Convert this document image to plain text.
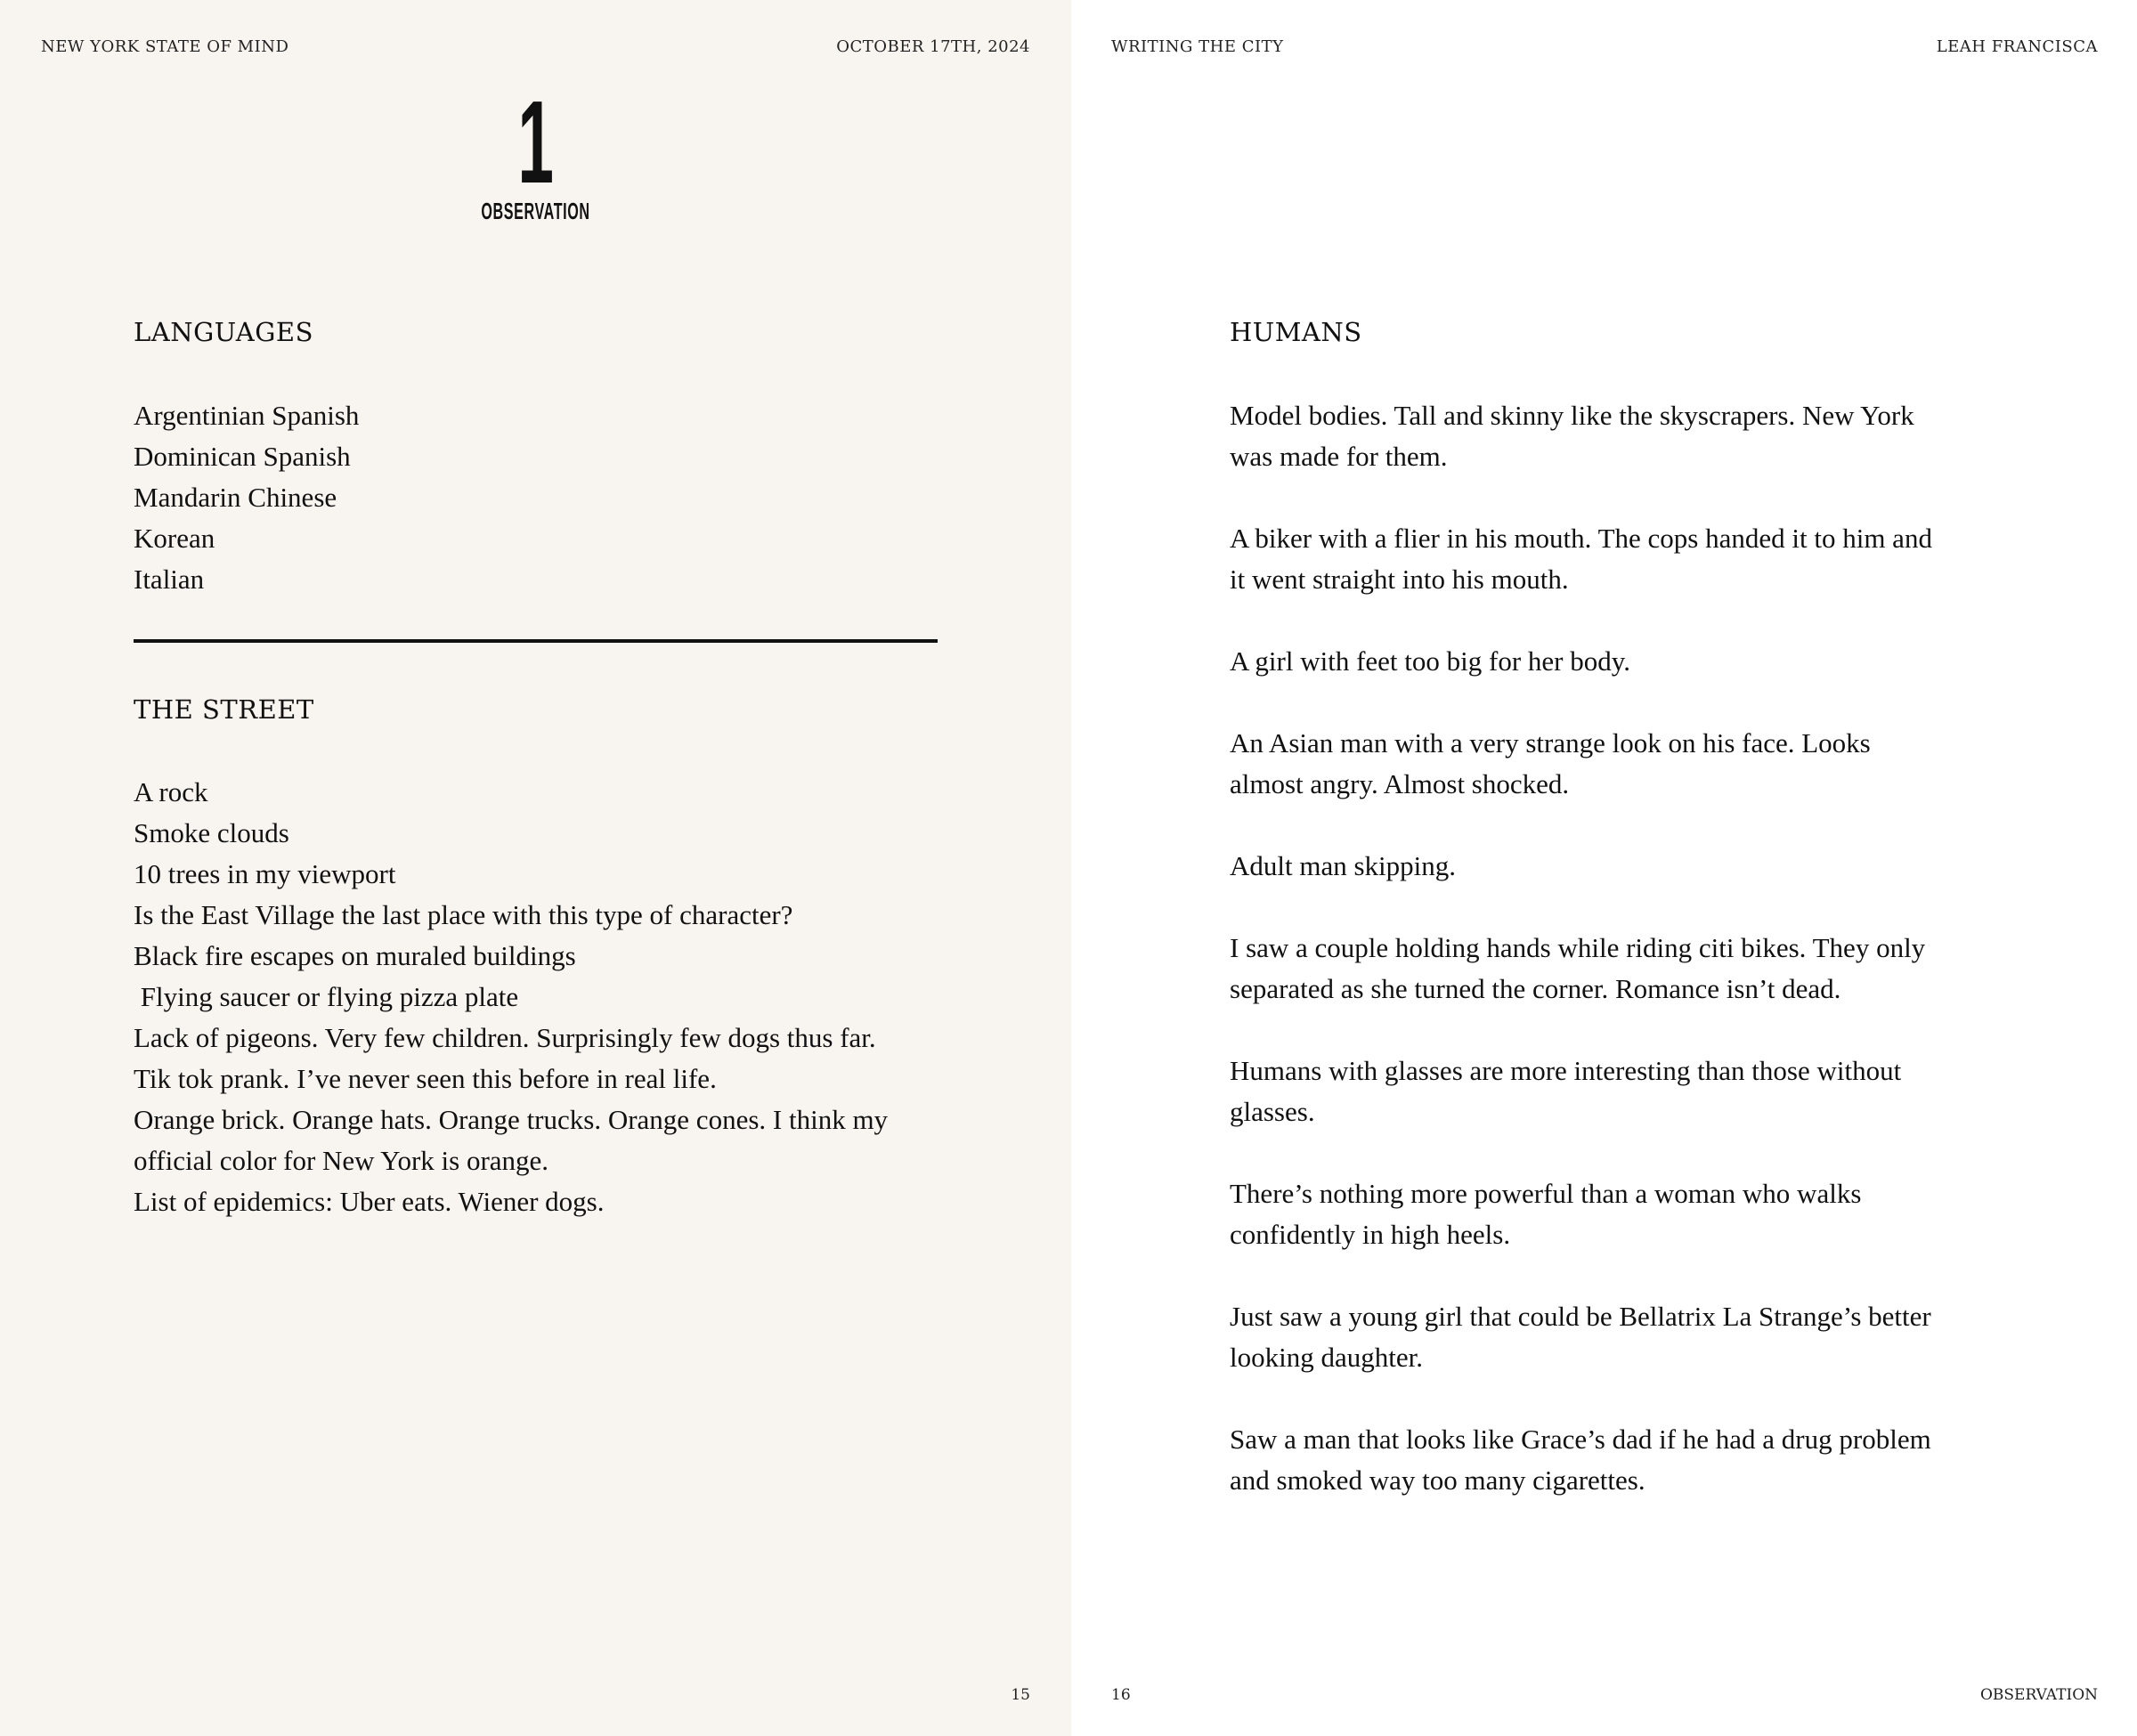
NEW YORK STATE OF MIND	OCTOBER 17TH, 2024
1
OBSERVATION
LANGUAGES
Argentinian Spanish
Dominican Spanish
Mandarin Chinese
Korean
Italian
THE STREET
A rock
Smoke clouds
10 trees in my viewport
Is the East Village the last place with this type of character?
Black fire escapes on muraled buildings
Flying saucer or flying pizza plate
Lack of pigeons. Very few children. Surprisingly few dogs thus far.
Tik tok prank. I’ve never seen this before in real life.
Orange brick. Orange hats. Orange trucks. Orange cones. I think my
official color for New York is orange.
List of epidemics: Uber eats. Wiener dogs.
15
WRITING THE CITY	LEAH FRANCISCA
HUMANS

Model bodies. Tall and skinny like the skyscrapers. New York was made for them.

A biker with a flier in his mouth. The cops handed it to him and it went straight into his mouth.

A girl with feet too big for her body.

An Asian man with a very strange look on his face. Looks almost angry. Almost shocked.

Adult man skipping.

I saw a couple holding hands while riding citi bikes. They only separated as she turned the corner. Romance isn’t dead.

Humans with glasses are more interesting than those without glasses.

There’s nothing more powerful than a woman who walks confidently in high heels.

Just saw a young girl that could be Bellatrix La Strange’s better looking daughter.

Saw a man that looks like Grace’s dad if he had a drug problem and smoked way too many cigarettes.

16	OBSERVATION
